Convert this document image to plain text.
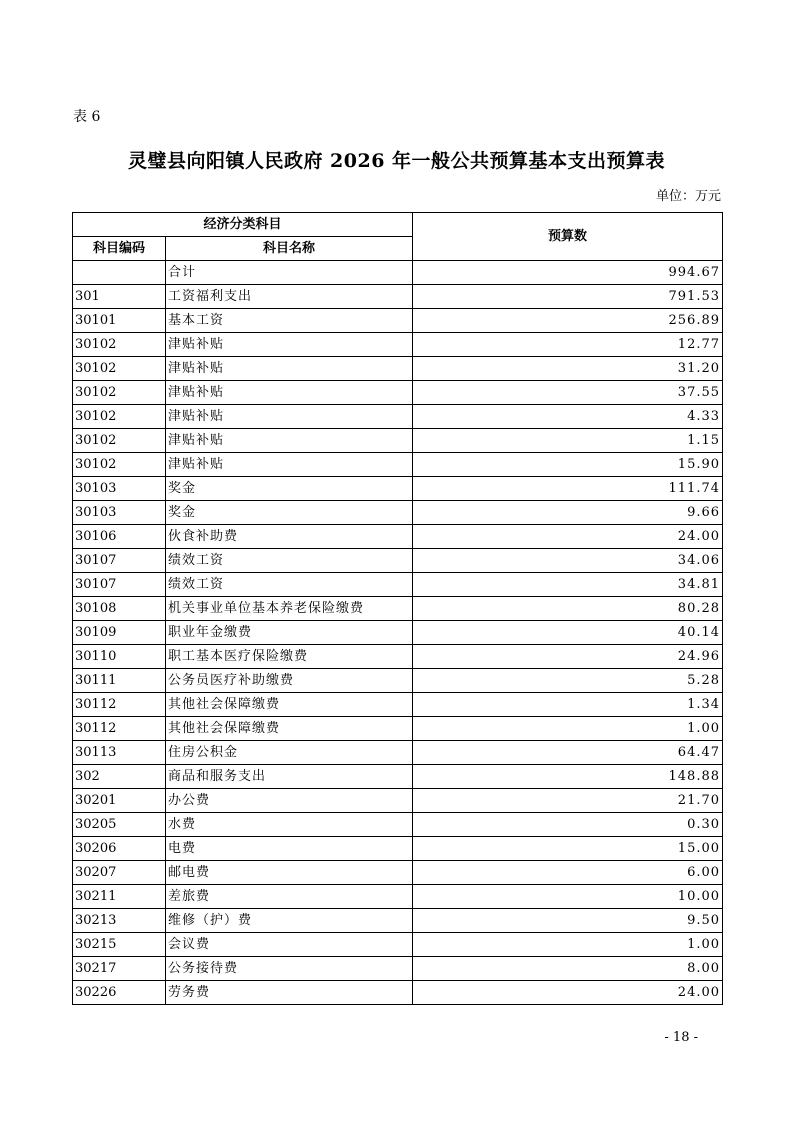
表 6
灵璧县向阳镇人民政府 2026 年一般公共预算基本支出预算表
单位：万元
经济分类科目		预算数
科目编码	科目名称	
	合计	994.67
301	工资福利支出	791.53
30101	基本工资	256.89
30102	津贴补贴	12.77
30102	津贴补贴	31.20
30102	津贴补贴	37.55
30102	津贴补贴	4.33
30102	津贴补贴	1.15
30102	津贴补贴	15.90
30103	奖金	111.74
30103	奖金	9.66
30106	伙食补助费	24.00
30107	绩效工资	34.06
30107	绩效工资	34.81
30108	机关事业单位基本养老保险缴费	80.28
30109	职业年金缴费	40.14
30110	职工基本医疗保险缴费	24.96
30111	公务员医疗补助缴费	5.28
30112	其他社会保障缴费	1.34
30112	其他社会保障缴费	1.00
30113	住房公积金	64.47
302	商品和服务支出	148.88
30201	办公费	21.70
30205	水费	0.30
30206	电费	15.00
30207	邮电费	6.00
30211	差旅费	10.00
30213	维修（护）费	9.50
30215	会议费	1.00
30217	公务接待费	8.00
30226	劳务费	24.00
- 18 -
